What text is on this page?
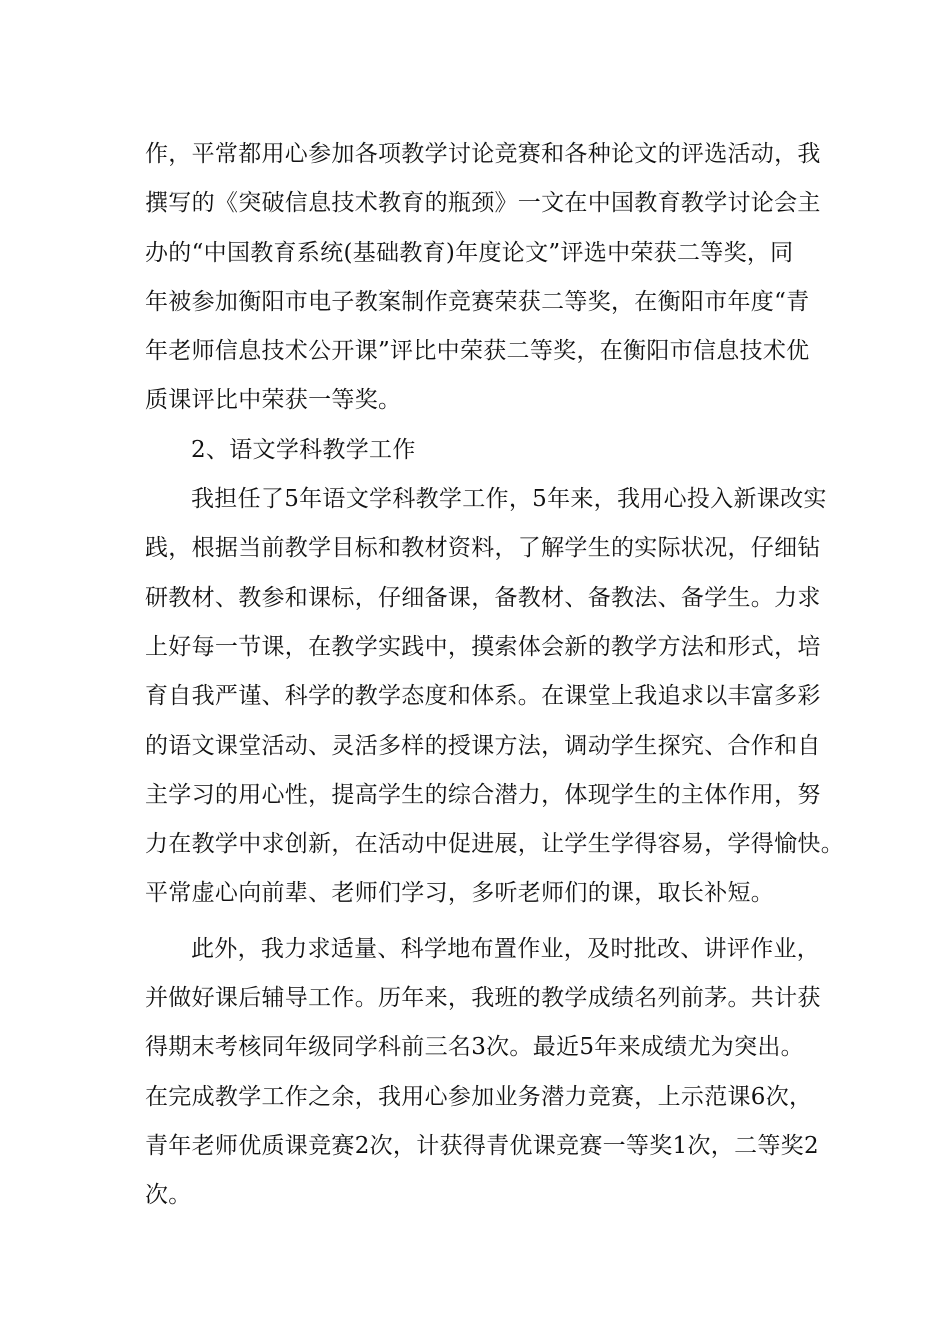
作，平常都用心参加各项教学讨论竞赛和各种论文的评选活动，我
撰写的《突破信息技术教育的瓶颈》一文在中国教育教学讨论会主
办的“中国教育系统(基础教育)年度论文”评选中荣获二等奖，同
年被参加衡阳市电子教案制作竞赛荣获二等奖，在衡阳市年度“青
年老师信息技术公开课”评比中荣获二等奖，在衡阳市信息技术优
质课评比中荣获一等奖。
2、语文学科教学工作
我担任了5年语文学科教学工作，5年来，我用心投入新课改实
践，根据当前教学目标和教材资料，了解学生的实际状况，仔细钻
研教材、教参和课标，仔细备课，备教材、备教法、备学生。力求
上好每一节课，在教学实践中，摸索体会新的教学方法和形式，培
育自我严谨、科学的教学态度和体系。在课堂上我追求以丰富多彩
的语文课堂活动、灵活多样的授课方法，调动学生探究、合作和自
主学习的用心性，提高学生的综合潜力，体现学生的主体作用，努
力在教学中求创新，在活动中促进展，让学生学得容易，学得愉快。
平常虚心向前辈、老师们学习，多听老师们的课，取长补短。
此外，我力求适量、科学地布置作业，及时批改、讲评作业，
并做好课后辅导工作。历年来，我班的教学成绩名列前茅。共计获
得期末考核同年级同学科前三名3次。最近5年来成绩尤为突出。
在完成教学工作之余，我用心参加业务潜力竞赛，上示范课6次，
青年老师优质课竞赛2次，计获得青优课竞赛一等奖1次，二等奖2
次。
